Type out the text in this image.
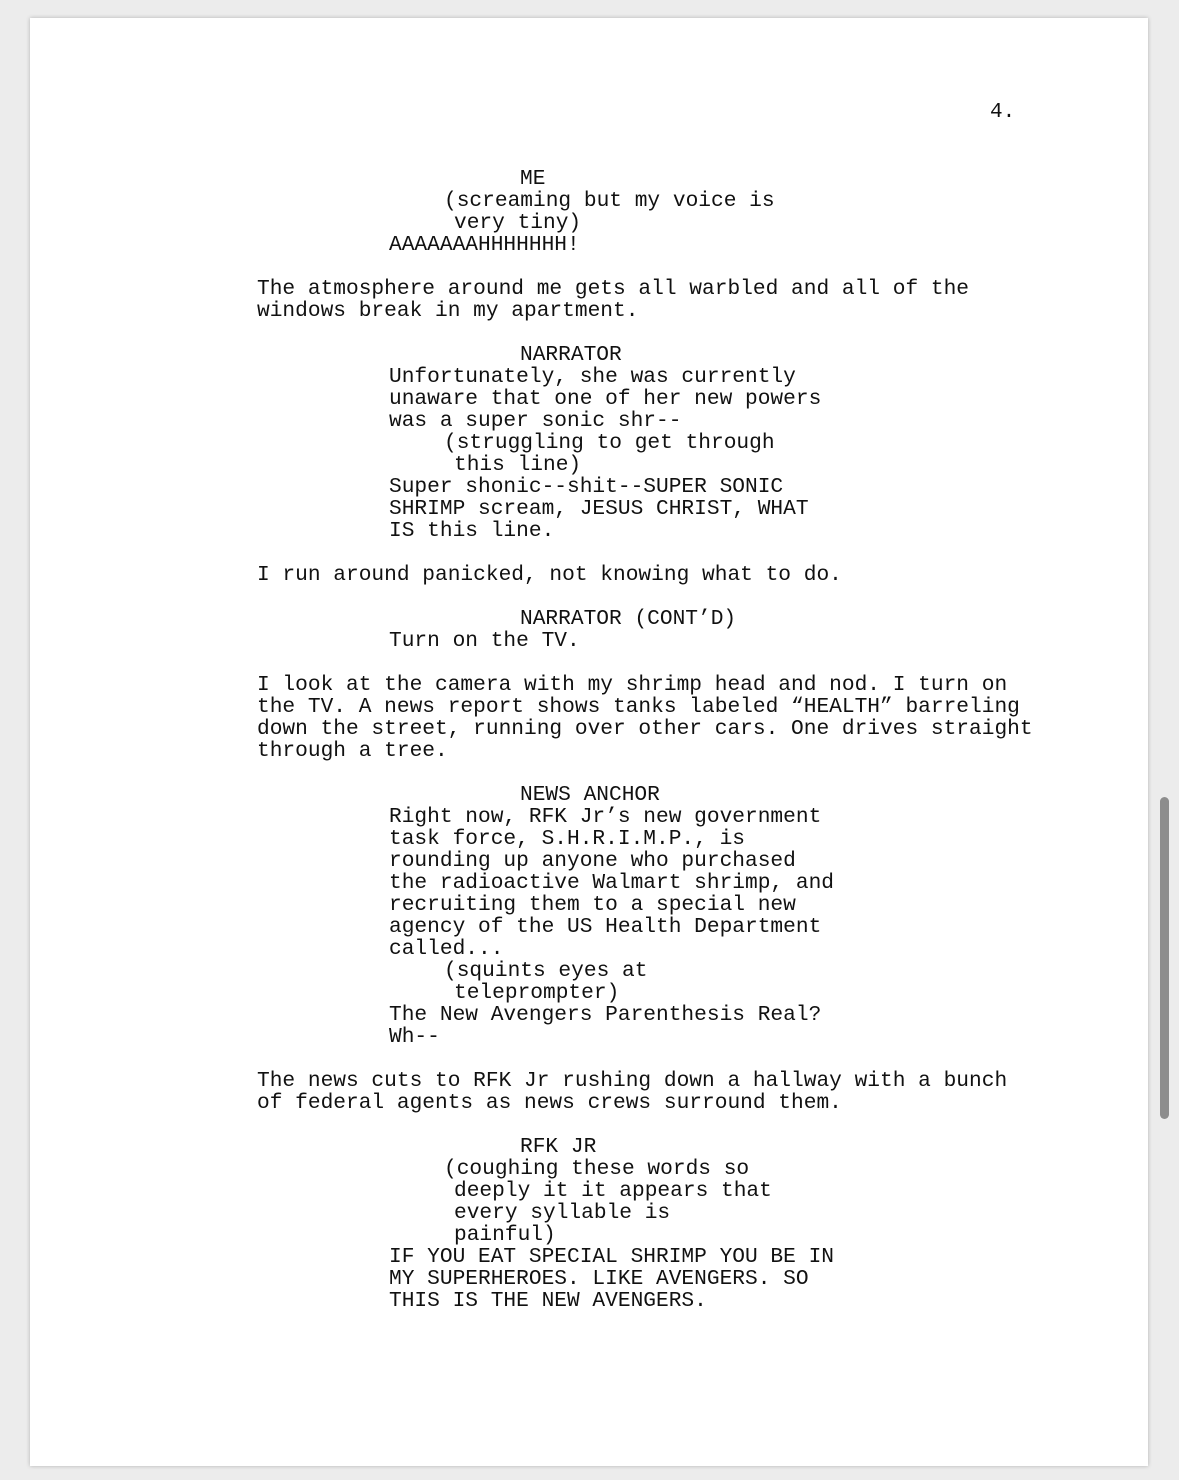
4.
ME
(screaming but my voice is
very tiny)
AAAAAAAHHHHHHH!
The atmosphere around me gets all warbled and all of the
windows break in my apartment.
NARRATOR
Unfortunately, she was currently
unaware that one of her new powers
was a super sonic shr--
(struggling to get through
this line)
Super shonic--shit--SUPER SONIC
SHRIMP scream, JESUS CHRIST, WHAT
IS this line.
I run around panicked, not knowing what to do.
NARRATOR (CONT’D)
Turn on the TV.
I look at the camera with my shrimp head and nod. I turn on
the TV. A news report shows tanks labeled “HEALTH” barreling
down the street, running over other cars. One drives straight
through a tree.
NEWS ANCHOR
Right now, RFK Jr’s new government
task force, S.H.R.I.M.P., is
rounding up anyone who purchased
the radioactive Walmart shrimp, and
recruiting them to a special new
agency of the US Health Department
called...
(squints eyes at
teleprompter)
The New Avengers Parenthesis Real?
Wh--
The news cuts to RFK Jr rushing down a hallway with a bunch
of federal agents as news crews surround them.
RFK JR
(coughing these words so
deeply it it appears that
every syllable is
painful)
IF YOU EAT SPECIAL SHRIMP YOU BE IN
MY SUPERHEROES. LIKE AVENGERS. SO
THIS IS THE NEW AVENGERS.
